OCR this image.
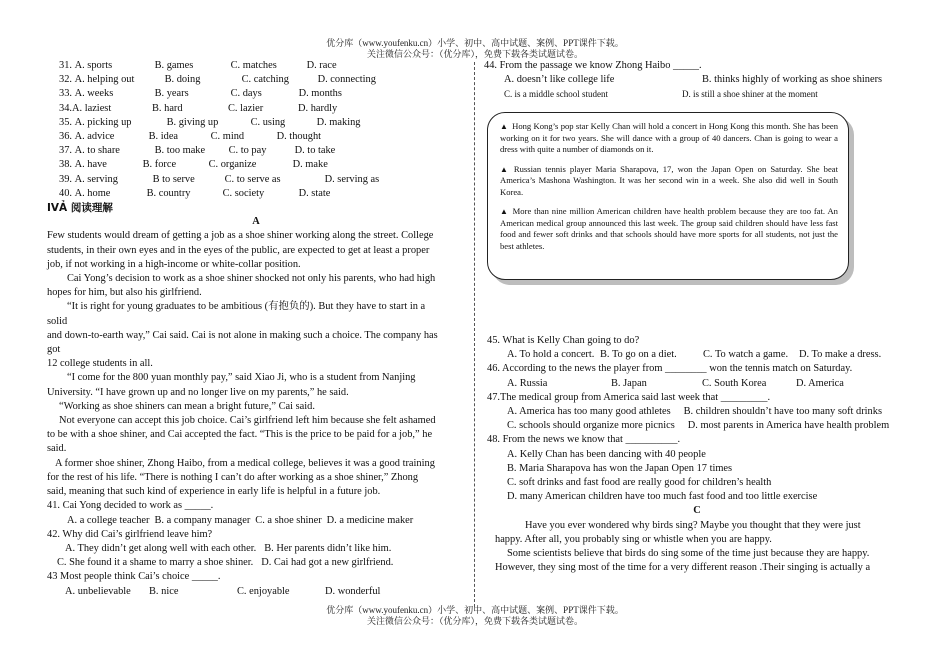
优分库（www.youfenku.cn）小学、初中、高中试题、案例、PPT课件下载。
关注微信公众号：（优分库），免费下载各类试题试卷。
31. A. sports	B. games	C. matches	D. race
32. A. helping out	B. doing	C. catching	D. connecting
33. A. weeks	B. years	C. days	D. months
34.A. laziest	B. hard	C. lazier	D. hardly
35. A. picking up	B. giving up	C. using	D. making
36. A. advice	B. idea	C. mind	D. thought
37. A. to share	B. too make C. to pay	D. to take
38. A. have	B. force	C. organize	D. make
39. A. serving	B to serve	C. to serve as	D. serving as
40. A. home	B. country	C. society	D. state
IVẢ 阅读理解
A
Few students would dream of getting a job as a shoe shiner working along the street. College
students, in their own eyes and in the eyes of the public, are expected to get at least a proper
job, if not working in a high-income or white-collar position.
Cai Yong’s decision to work as a shoe shiner shocked not only his parents, who had high
hopes for him, but also his girlfriend.
“It is right for young graduates to be ambitious (有抱负的). But they have to start in a
solid
and down-to-earth way,” Cai said. Cai is not alone in making such a choice. The company has
got
12 college students in all.
“I come for the 800 yuan monthly pay,” said Xiao Ji, who is a student from Nanjing
University. “I have grown up and no longer live on my parents,” he said.
“Working as shoe shiners can mean a bright future,” Cai said.
Not everyone can accept this job choice. Cai’s girlfriend left him because she felt ashamed
to be with a shoe shiner, and Cai accepted the fact. “This is the price to be paid for a job,” he
said.
A former shoe shiner, Zhong Haibo, from a medical college, believes it was a good training
for the rest of his life. “There is nothing I can’t do after working as a shoe shiner,” Zhong
said, meaning that such kind of experience in early life is helpful in a future job.
41. Cai Yong decided to work as _____.
A. a college teacher B. a company manager C. a shoe shiner D. a medicine maker
42. Why did Cai’s girlfriend leave him?
A. They didn’t get along well with each other. B. Her parents didn’t like him.
C. She found it a shame to marry a shoe shiner. D. Cai had got a new girlfriend.
43 Most people think Cai’s choice _____.
A. unbelievable B. nice	C. enjoyable	D. wonderful
44. From the passage we know Zhong Haibo _____.
A. doesn’t like college life	B. thinks highly of working as shoe shiners
C. is a middle school student	D. is still a shoe shiner at the moment

▲ Hong Kong’s pop star Kelly Chan will hold a concert in Hong Kong this month. She has been working on it for two years. She will dance with a group of 40 dancers. Chan is going to wear a dress with quite a number of diamonds on it.

▲ Russian tennis player Maria Sharapova, 17, won the Japan Open on Saturday. She beat America’s Mashona Washington. It was her second win in a week. She also did well in South Korea.

▲ More than nine million American children have health problem because they are too fat. An American medical group announced this last week. The group said children should have less fast food and fewer soft drinks and that schools should have more sports for all students, not just the best athletes.

45. What is Kelly Chan going to do?
A. To hold a concert. B. To go on a diet.	C. To watch a game. D. To make a dress.
46. According to the news the player from ________ won the tennis match on Saturday.
A. Russia	B. Japan	C. South Korea	D. America
47.The medical group from America said last week that _________.
A. America has too many good athletes B. children shouldn’t have too many soft drinks
C. schools should organize more picnics D. most parents in America have health problem
48. From the news we know that __________.
A. Kelly Chan has been dancing with 40 people
B. Maria Sharapova has won the Japan Open 17 times
C. soft drinks and fast food are really good for children’s health
D. many American children have too much fast food and too little exercise
C
Have you ever wondered why birds sing? Maybe you thought that they were just
happy. After all, you probably sing or whistle when you are happy.
Some scientists believe that birds do sing some of the time just because they are happy.
However, they sing most of the time for a very different reason .Their singing is actually a
优分库（www.youfenku.cn）小学、初中、高中试题、案例、PPT课件下载。
关注微信公众号：（优分库），免费下载各类试题试卷。
